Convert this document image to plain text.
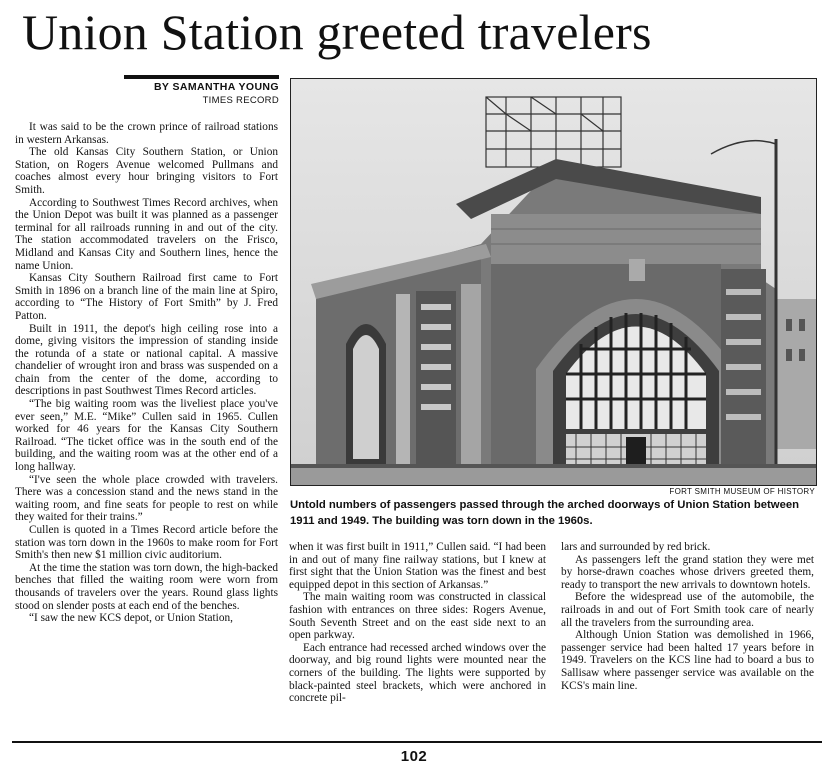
Union Station greeted travelers
BY SAMANTHA YOUNG
TIMES RECORD

It was said to be the crown prince of railroad stations in western Arkansas.

The old Kansas City Southern Station, or Union Station, on Rogers Avenue welcomed Pullmans and coaches almost every hour bringing visitors to Fort Smith.

According to Southwest Times Record archives, when the Union Depot was built it was planned as a passenger terminal for all railroads running in and out of the city. The station accommodated travelers on the Frisco, Midland and Kansas City and Southern lines, hence the name Union.

Kansas City Southern Railroad first came to Fort Smith in 1896 on a branch line of the main line at Spiro, according to “The History of Fort Smith” by J. Fred Patton.

Built in 1911, the depot's high ceiling rose into a dome, giving visitors the impression of standing inside the rotunda of a state or national capital. A massive chandelier of wrought iron and brass was suspended on a chain from the center of the dome, according to descriptions in past Southwest Times Record articles.

“The big waiting room was the liveliest place you've ever seen,” M.E. “Mike” Cullen said in 1965. Cullen worked for 46 years for the Kansas City Southern Railroad. “The ticket office was in the south end of the building, and the waiting room was at the other end of a long hallway.

“I've seen the whole place crowded with travelers. There was a concession stand and the news stand in the waiting room, and fine seats for people to rest on while they waited for their trains.”

Cullen is quoted in a Times Record article before the station was torn down in the 1960s to make room for Fort Smith's then new $1 million civic auditorium.

At the time the station was torn down, the high-backed benches that filled the waiting room were worn from thousands of travelers over the years. Round glass lights stood on slender posts at each end of the benches.

“I saw the new KCS depot, or Union Station,

FORT SMITH MUSEUM OF HISTORY
Untold numbers of passengers passed through the arched doorways of Union Station between 1911 and 1949. The building was torn down in the 1960s.

when it was first built in 1911,” Cullen said. “I had been in and out of many fine railway stations, but I knew at first sight that the Union Station was the finest and best equipped depot in this section of Arkansas.”

The main waiting room was constructed in classical fashion with entrances on three sides: Rogers Avenue, South Seventh Street and on the east side next to an open parkway.

Each entrance had recessed arched windows over the doorway, and big round lights were mounted near the corners of the building. The lights were supported by black-painted steel brackets, which were anchored in concrete pil-

lars and surrounded by red brick.

As passengers left the grand station they were met by horse-drawn coaches whose drivers greeted them, ready to transport the new arrivals to downtown hotels.

Before the widespread use of the automobile, the railroads in and out of Fort Smith took care of nearly all the travelers from the surrounding area.

Although Union Station was demolished in 1966, passenger service had been halted 17 years before in 1949. Travelers on the KCS line had to board a bus to Sallisaw where passenger service was available on the KCS's main line.

102
